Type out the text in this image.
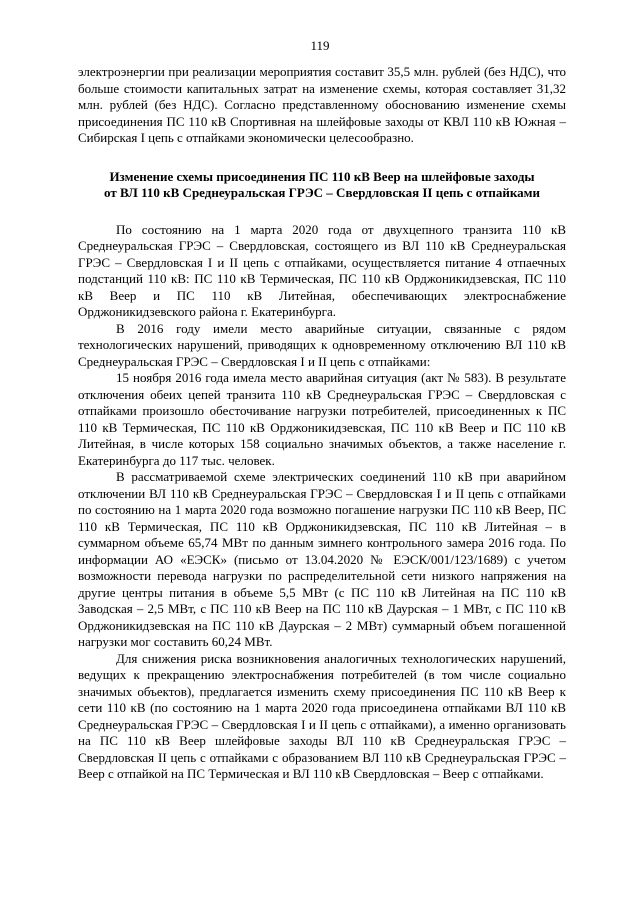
119

электроэнергии при реализации мероприятия составит 35,5 млн. рублей (без НДС), что больше стоимости капитальных затрат на изменение схемы, которая составляет 31,32 млн. рублей (без НДС). Согласно представленному обоснованию изменение схемы присоединения ПС 110 кВ Спортивная на шлейфовые заходы от КВЛ 110 кВ Южная – Сибирская I цепь с отпайками экономически целесообразно.

Изменение схемы присоединения ПС 110 кВ Веер на шлейфовые заходы
от ВЛ 110 кВ Среднеуральская ГРЭС – Свердловская II цепь с отпайками

По состоянию на 1 марта 2020 года от двухцепного транзита 110 кВ Среднеуральская ГРЭС – Свердловская, состоящего из ВЛ 110 кВ Среднеуральская ГРЭС – Свердловская I и II цепь с отпайками, осуществляется питание 4 отпаечных подстанций 110 кВ: ПС 110 кВ Термическая, ПС 110 кВ Орджоникидзевская, ПС 110 кВ Веер и ПС 110 кВ Литейная, обеспечивающих электроснабжение Орджоникидзевского района г. Екатеринбурга.

В 2016 году имели место аварийные ситуации, связанные с рядом технологических нарушений, приводящих к одновременному отключению ВЛ 110 кВ Среднеуральская ГРЭС – Свердловская I и II цепь с отпайками:

15 ноября 2016 года имела место аварийная ситуация (акт № 583). В результате отключения обеих цепей транзита 110 кВ Среднеуральская ГРЭС – Свердловская с отпайками произошло обесточивание нагрузки потребителей, присоединенных к ПС 110 кВ Термическая, ПС 110 кВ Орджоникидзевская, ПС 110 кВ Веер и ПС 110 кВ Литейная, в числе которых 158 социально значимых объектов, а также население г. Екатеринбурга до 117 тыс. человек.

В рассматриваемой схеме электрических соединений 110 кВ при аварийном отключении ВЛ 110 кВ Среднеуральская ГРЭС – Свердловская I и II цепь с отпайками по состоянию на 1 марта 2020 года возможно погашение нагрузки ПС 110 кВ Веер, ПС 110 кВ Термическая, ПС 110 кВ Орджоникидзевская, ПС 110 кВ Литейная – в суммарном объеме 65,74 МВт по данным зимнего контрольного замера 2016 года. По информации АО «ЕЭСК» (письмо от 13.04.2020 № ЕЭСК/001/123/1689) с учетом возможности перевода нагрузки по распределительной сети низкого напряжения на другие центры питания в объеме 5,5 МВт (с ПС 110 кВ Литейная на ПС 110 кВ Заводская – 2,5 МВт, с ПС 110 кВ Веер на ПС 110 кВ Даурская – 1 МВт, с ПС 110 кВ Орджоникидзевская на ПС 110 кВ Даурская – 2 МВт) суммарный объем погашенной нагрузки мог составить 60,24 МВт.

Для снижения риска возникновения аналогичных технологических нарушений, ведущих к прекращению электроснабжения потребителей (в том числе социально значимых объектов), предлагается изменить схему присоединения ПС 110 кВ Веер к сети 110 кВ (по состоянию на 1 марта 2020 года присоединена отпайками ВЛ 110 кВ Среднеуральская ГРЭС – Свердловская I и II цепь с отпайками), а именно организовать на ПС 110 кВ Веер шлейфовые заходы ВЛ 110 кВ Среднеуральская ГРЭС – Свердловская II цепь с отпайками с образованием ВЛ 110 кВ Среднеуральская ГРЭС – Веер с отпайкой на ПС Термическая и ВЛ 110 кВ Свердловская – Веер с отпайками.
